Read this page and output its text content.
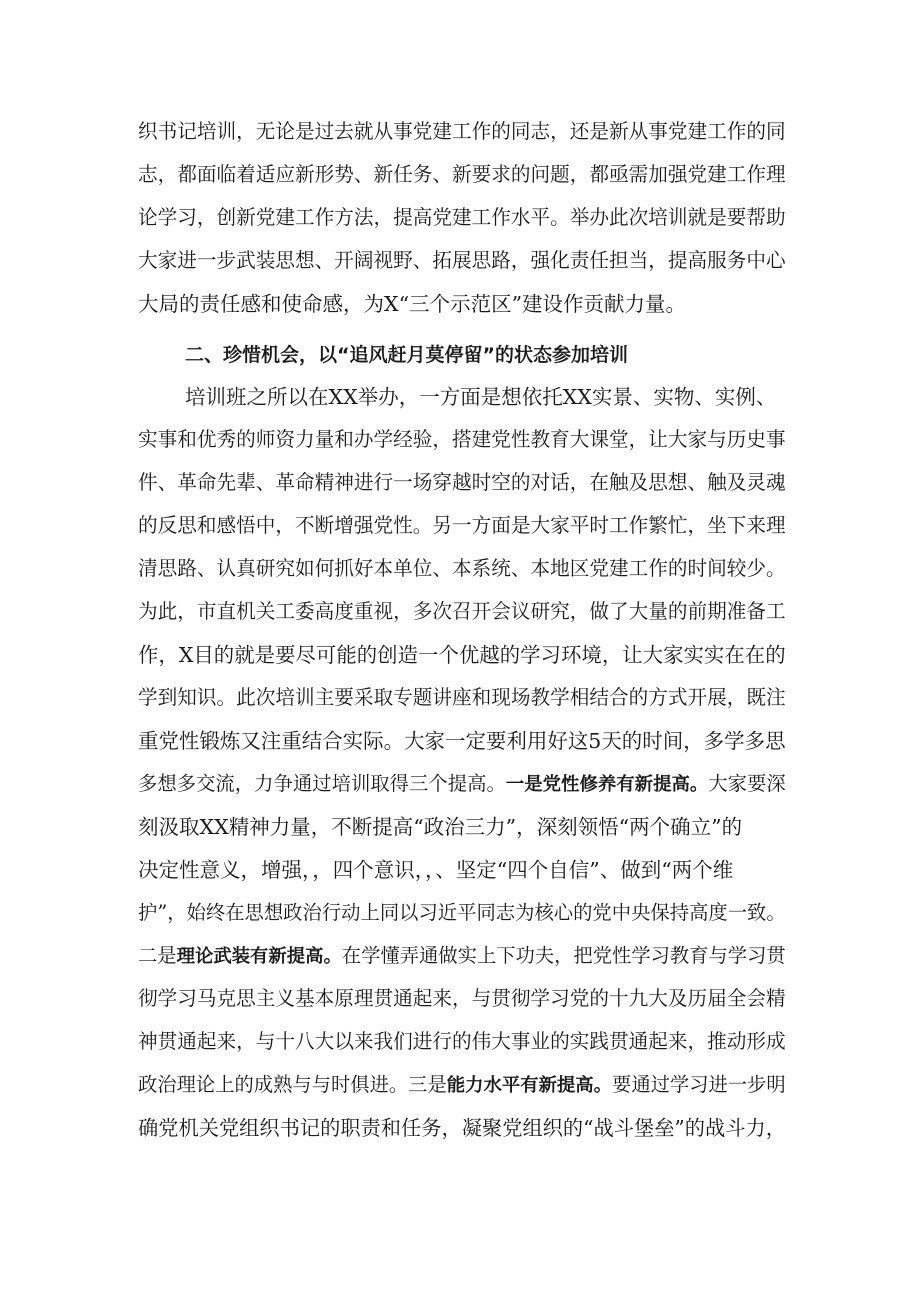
织书记培训，无论是过去就从事党建工作的同志，还是新从事党建工作的同
志，都面临着适应新形势、新任务、新要求的问题，都亟需加强党建工作理
论学习，创新党建工作方法，提高党建工作水平。举办此次培训就是要帮助
大家进一步武装思想、开阔视野、拓展思路，强化责任担当，提高服务中心
大局的责任感和使命感，为X“三个示范区”建设作贡献力量。
二、珍惜机会，以“追风赶月莫停留”的状态参加培训
培训班之所以在XX举办，一方面是想依托XX实景、实物、实例、
实事和优秀的师资力量和办学经验，搭建党性教育大课堂，让大家与历史事
件、革命先辈、革命精神进行一场穿越时空的对话，在触及思想、触及灵魂
的反思和感悟中，不断增强党性。另一方面是大家平时工作繁忙，坐下来理
清思路、认真研究如何抓好本单位、本系统、本地区党建工作的时间较少。
为此，市直机关工委高度重视，多次召开会议研究，做了大量的前期准备工
作，X目的就是要尽可能的创造一个优越的学习环境，让大家实实在在的
学到知识。此次培训主要采取专题讲座和现场教学相结合的方式开展，既注
重党性锻炼又注重结合实际。大家一定要利用好这5天的时间，多学多思
多想多交流，力争通过培训取得三个提高。一是党性修养有新提高。大家要深
刻汲取XX精神力量，不断提高“政治三力”，深刻领悟“两个确立”的
决定性意义，增强，，四个意识，，、坚定“四个自信”、做到“两个维
护”，始终在思想政治行动上同以习近平同志为核心的党中央保持高度一致。
二是理论武装有新提高。在学懂弄通做实上下功夫，把党性学习教育与学习贯
彻学习马克思主义基本原理贯通起来，与贯彻学习党的十九大及历届全会精
神贯通起来，与十八大以来我们进行的伟大事业的实践贯通起来，推动形成
政治理论上的成熟与与时俱进。三是能力水平有新提高。要通过学习进一步明
确党机关党组织书记的职责和任务，凝聚党组织的“战斗堡垒”的战斗力，
